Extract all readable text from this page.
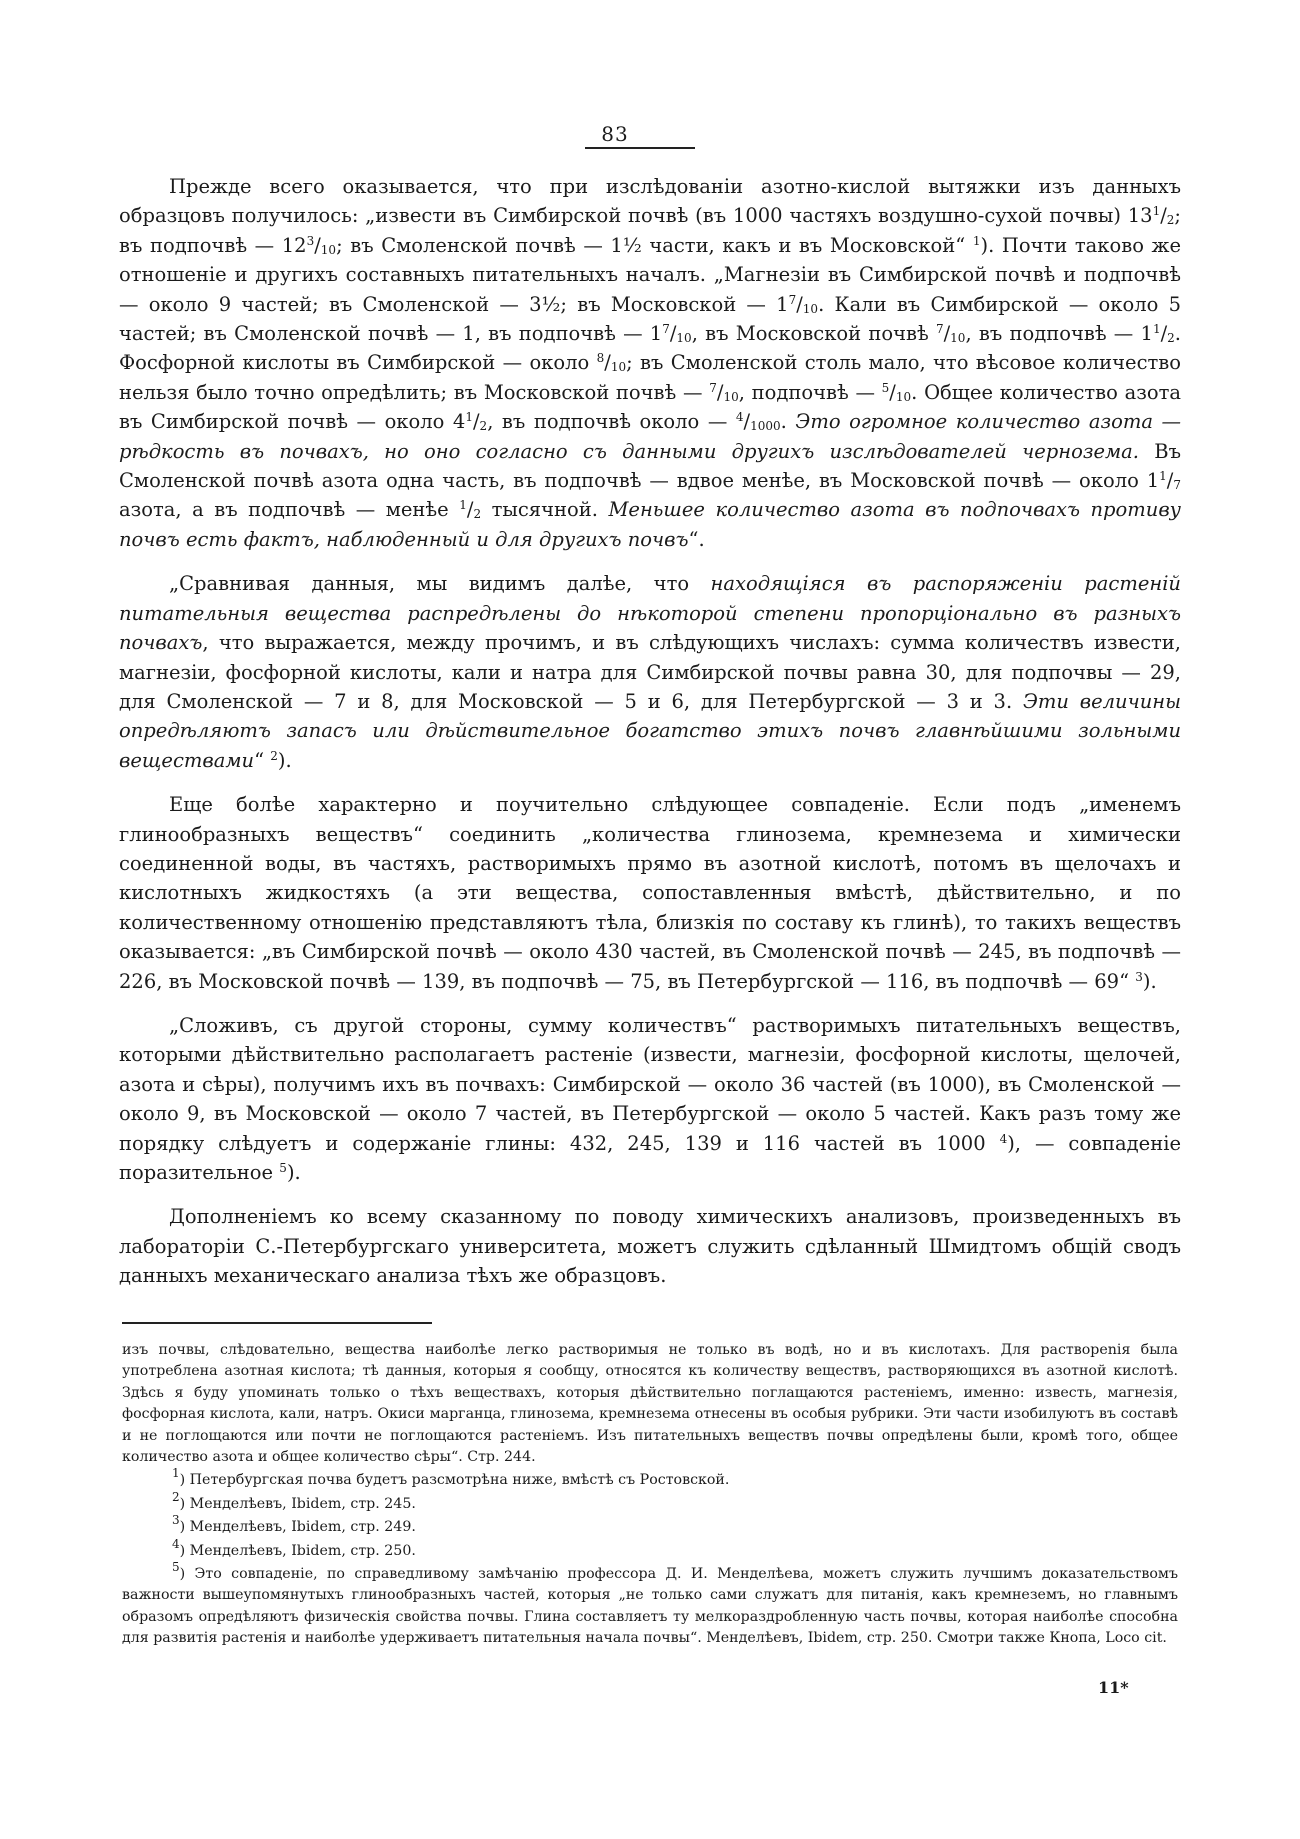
83

Прежде всего оказывается, что при изслѣдованіи азотно-кислой вытяжки изъ данныхъ образцовъ получилось: „извести въ Симбирской почвѣ (въ 1000 частяхъ воздушно-сухой почвы) $13^1/2$; въ подпочвѣ — $12^3/10$; въ Смоленской почвѣ — 1½ части, какъ и въ Московской“ $^1$). Почти таково же отношеніе и другихъ составныхъ питательныхъ началъ. „Магнезіи въ Симбирской почвѣ и подпочвѣ — около 9 частей; въ Смоленской — 3½; въ Московской — $1^7/10$. Кали въ Симбирской — около 5 частей; въ Смоленской почвѣ — 1, въ подпочвѣ — $1^7/10$, въ Московской почвѣ $^7$/10, въ подпочвѣ — $1^1/2$. Фосфорной кислоты въ Симбирской — около $^8$/10; въ Смоленской столь мало, что вѣсовое количество нельзя было точно опредѣлить; въ Московской почвѣ — $^7$/10, подпочвѣ — $^5$/10. Общее количество азота въ Симбирской почвѣ — около $4^1/2$, въ подпочвѣ около — $^4$/1000. Это огромное количество азота — рѣдкость въ почвахъ, но оно согласно съ данными другихъ изслѣдователей чернозема. Въ Смоленской почвѣ азота одна часть, въ подпочвѣ — вдвое менѣе, въ Московской почвѣ — около $1^1/7$ азота, а въ подпочвѣ — менѣе $^1$/2 тысячной. Меньшее количество азота въ подпочвахъ противу почвъ есть фактъ, наблюденный и для другихъ почвъ“.

„Сравнивая данныя, мы видимъ далѣе, что находящіяся въ распоряженіи растеній питательныя вещества распредѣлены до нѣкоторой степени пропорціонально въ разныхъ почвахъ, что выражается, между прочимъ, и въ слѣдующихъ числахъ: сумма количествъ извести, магнезіи, фосфорной кислоты, кали и натра для Симбирской почвы равна 30, для подпочвы — 29, для Смоленской — 7 и 8, для Московской — 5 и 6, для Петербургской — 3 и 3. Эти величины опредѣляютъ запасъ или дѣйствительное богатство этихъ почвъ главнѣйшими зольными веществами“ $^2$).

Еще болѣе характерно и поучительно слѣдующее совпаденіе. Если подъ „именемъ глинообразныхъ веществъ“ соединить „количества глинозема, кремнезема и химически соединенной воды, въ частяхъ, растворимыхъ прямо въ азотной кислотѣ, потомъ въ щелочахъ и кислотныхъ жидкостяхъ (а эти вещества, сопоставленныя вмѣстѣ, дѣйствительно, и по количественному отношенію представляютъ тѣла, близкія по составу къ глинѣ), то такихъ веществъ оказывается: „въ Симбирской почвѣ — около 430 частей, въ Смоленской почвѣ — 245, въ подпочвѣ — 226, въ Московской почвѣ — 139, въ подпочвѣ — 75, въ Петербургской — 116, въ подпочвѣ — 69“ $^3$).

„Сложивъ, съ другой стороны, сумму количествъ“ растворимыхъ питательныхъ веществъ, которыми дѣйствительно располагаетъ растеніе (извести, магнезіи, фосфорной кислоты, щелочей, азота и сѣры), получимъ ихъ въ почвахъ: Симбирской — около 36 частей (въ 1000), въ Смоленской — около 9, въ Московской — около 7 частей, въ Петербургской — около 5 частей. Какъ разъ тому же порядку слѣдуетъ и содержаніе глины: 432, 245, 139 и 116 частей въ 1000 $^4$), — совпаденіе поразительное $^5$).

Дополненіемъ ко всему сказанному по поводу химическихъ анализовъ, произведенныхъ въ лабораторіи С.-Петербургскаго университета, можетъ служить сдѣланный Шмидтомъ общій сводъ данныхъ механическаго анализа тѣхъ же образцовъ.

изъ почвы, слѣдовательно, вещества наиболѣе легко растворимыя не только въ водѣ, но и въ кислотахъ. Для раствореnія была употреблена азотная кислота; тѣ данныя, которыя я сообщу, относятся къ количеству веществъ, растворяющихся въ азотной кислотѣ. Здѣсь я буду упоминать только о тѣхъ веществахъ, которыя дѣйствительно поглащаются растеніемъ, именно: известь, магнезія, фосфорная кислота, кали, натръ. Окиси марганца, глинозема, кремнезема отнесены въ особыя рубрики. Эти части изобилуютъ въ составѣ и не поглощаются или почти не поглощаются растеніемъ. Изъ питательныхъ веществъ почвы опредѣлены были, кромѣ того, общее количество азота и общее количество сѣры“. Стр. 244.

$^1$) Петербургская почва будетъ разсмотрѣна ниже, вмѣстѣ съ Ростовской.

$^2$) Менделѣевъ, Ibidem, стр. 245.

$^3$) Менделѣевъ, Ibidem, стр. 249.

$^4$) Менделѣевъ, Ibidem, стр. 250.

$^5$) Это совпаденіе, по справедливому замѣчанію профессора Д. И. Менделѣева, можетъ служить лучшимъ доказательствомъ важности вышеупомянутыхъ глинообразныхъ частей, которыя „не только сами служатъ для питанія, какъ кремнеземъ, но главнымъ образомъ опредѣляютъ физическія свойства почвы. Глина составляетъ ту мелкораздробленную часть почвы, которая наиболѣе способна для развитія растенія и наиболѣе удерживаетъ питательныя начала почвы“. Менделѣевъ, Ibidem, стр. 250. Смотри также Кнопа, Loco cit.

11*
